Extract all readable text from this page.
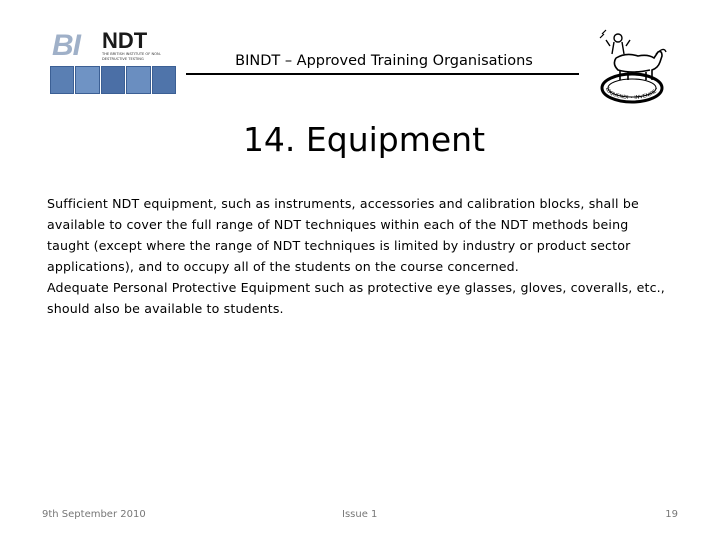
BI NDT
THE BRITISH INSTITUTE OF NON-DESTRUCTIVE TESTING	BINDT – Approved Training Organisations
LOQUENDI • INVENIRE •
14. Equipment

Sufficient NDT equipment, such as instruments, accessories and calibration blocks, shall be available to cover the full range of NDT techniques within each of the NDT methods being taught (except where the range of NDT techniques is limited by industry or product sector applications), and to occupy all of the students on the course concerned.

Adequate Personal Protective Equipment such as protective eye glasses, gloves, coveralls, etc., should also be available to students.

9th September 2010	Issue 1	19
